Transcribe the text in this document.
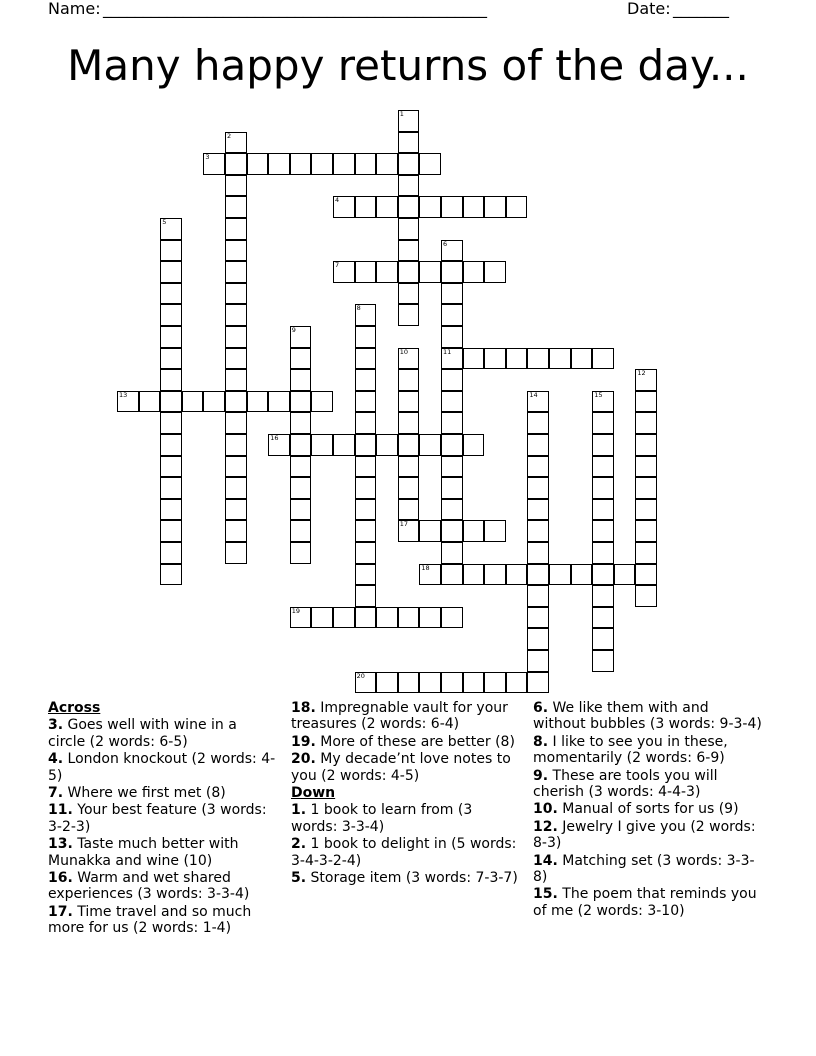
Name: ________________________________________________	Date: _______
Many happy returns of the day...
1
2
3
4
5
6
11
7
8
9
10
17
12
13	14	15
16
18
19
20
Across
3. Goes well with wine in a circle (2 words: 6-5)
4. London knockout (2 words: 4-5)
7. Where we first met (8)
11. Your best feature (3 words: 3-2-3)
13. Taste much better with Munakka and wine (10)
16. Warm and wet shared experiences (3 words: 3-3-4)
17. Time travel and so much more for us (2 words: 1-4)
18. Impregnable vault for your treasures (2 words: 6-4)
19. More of these are better (8)
20. My decade’nt love notes to you (2 words: 4-5)
Down
1. 1 book to learn from (3 words: 3-3-4)
2. 1 book to delight in (5 words: 3-4-3-2-4)
5. Storage item (3 words: 7-3-7)
6. We like them with and without bubbles (3 words: 9-3-4)
8. I like to see you in these, momentarily (2 words: 6-9)
9. These are tools you will cherish (3 words: 4-4-3)
10. Manual of sorts for us (9)
12. Jewelry I give you (2 words: 8-3)
14. Matching set (3 words: 3-3-8)
15. The poem that reminds you of me (2 words: 3-10)
